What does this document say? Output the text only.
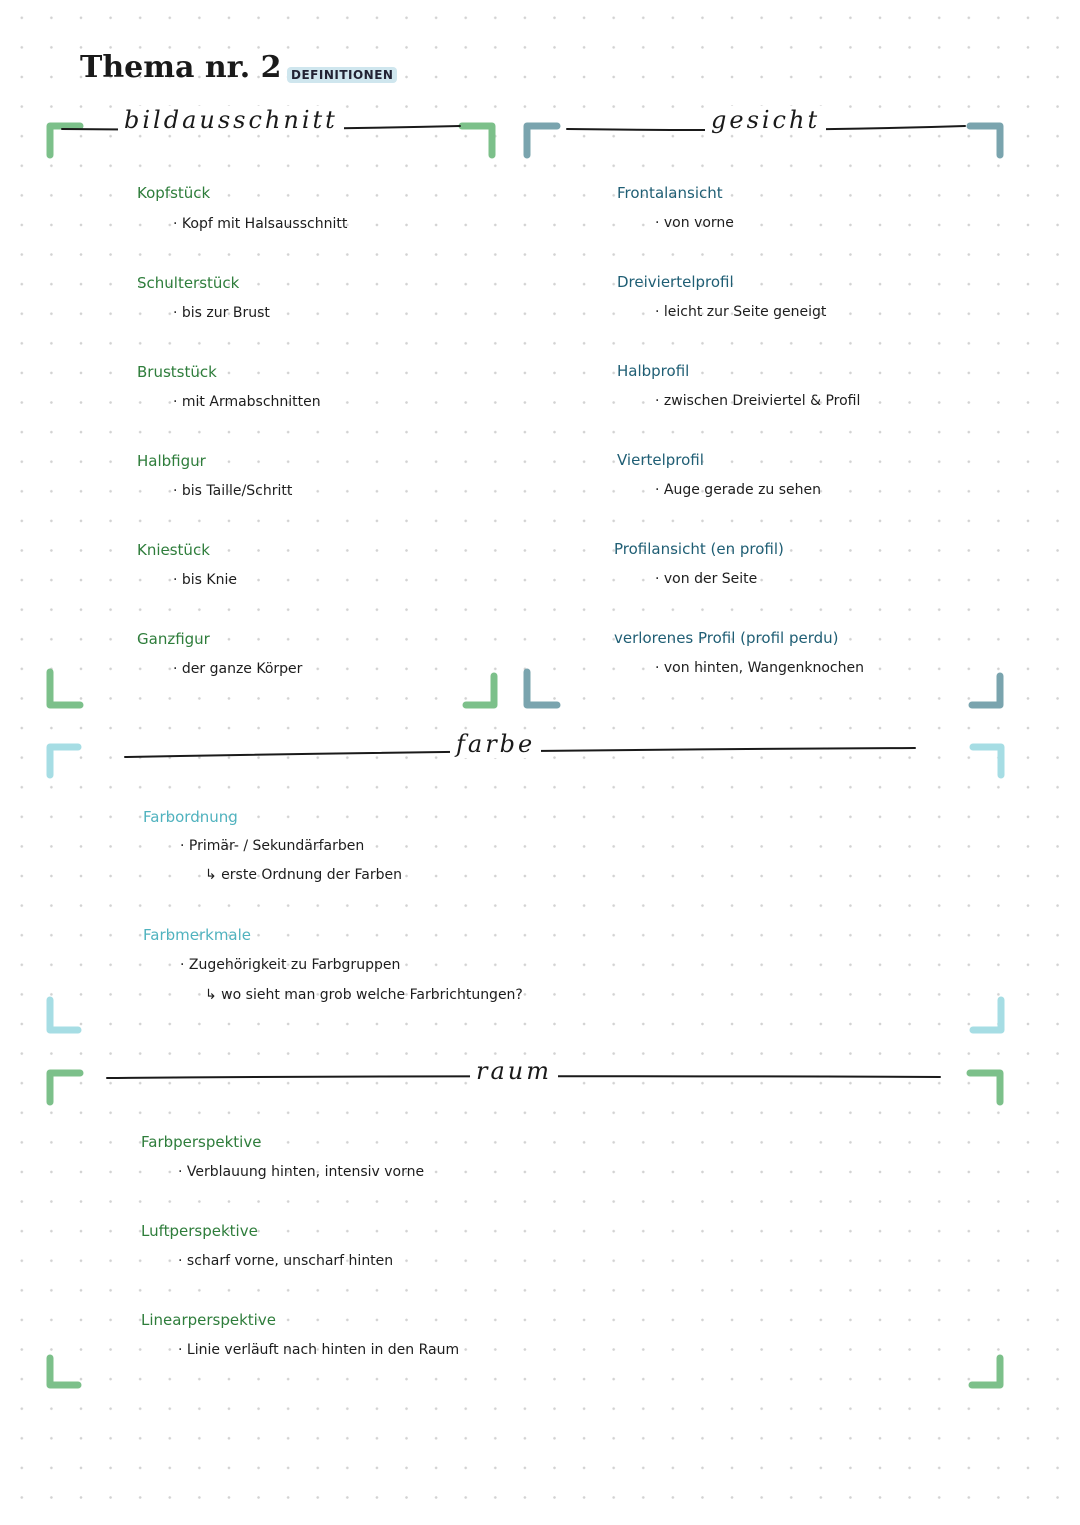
Thema nr. 2 DEFINITIONEN
bildausschnitt	gesicht
farbe
raum
Kopfstück
· Kopf mit Halsausschnitt
Schulterstück
· bis zur Brust
Bruststück
· mit Armabschnitten
Halbfigur
· bis Taille/Schritt
Kniestück
· bis Knie
Ganzfigur
· der ganze Körper
Frontalansicht
· von vorne
Dreiviertelprofil
· leicht zur Seite geneigt
Halbprofil
· zwischen Dreiviertel & Profil
Viertelprofil
· Auge gerade zu sehen
Profilansicht (en profil)
· von der Seite
verlorenes Profil (profil perdu)
· von hinten, Wangenknochen
Farbordnung
· Primär- / Sekundärfarben
↳ erste Ordnung der Farben
Farbmerkmale
· Zugehörigkeit zu Farbgruppen
↳ wo sieht man grob welche Farbrichtungen?
Farbperspektive
· Verblauung hinten, intensiv vorne
Luftperspektive
· scharf vorne, unscharf hinten
Linearperspektive
· Linie verläuft nach hinten in den Raum
